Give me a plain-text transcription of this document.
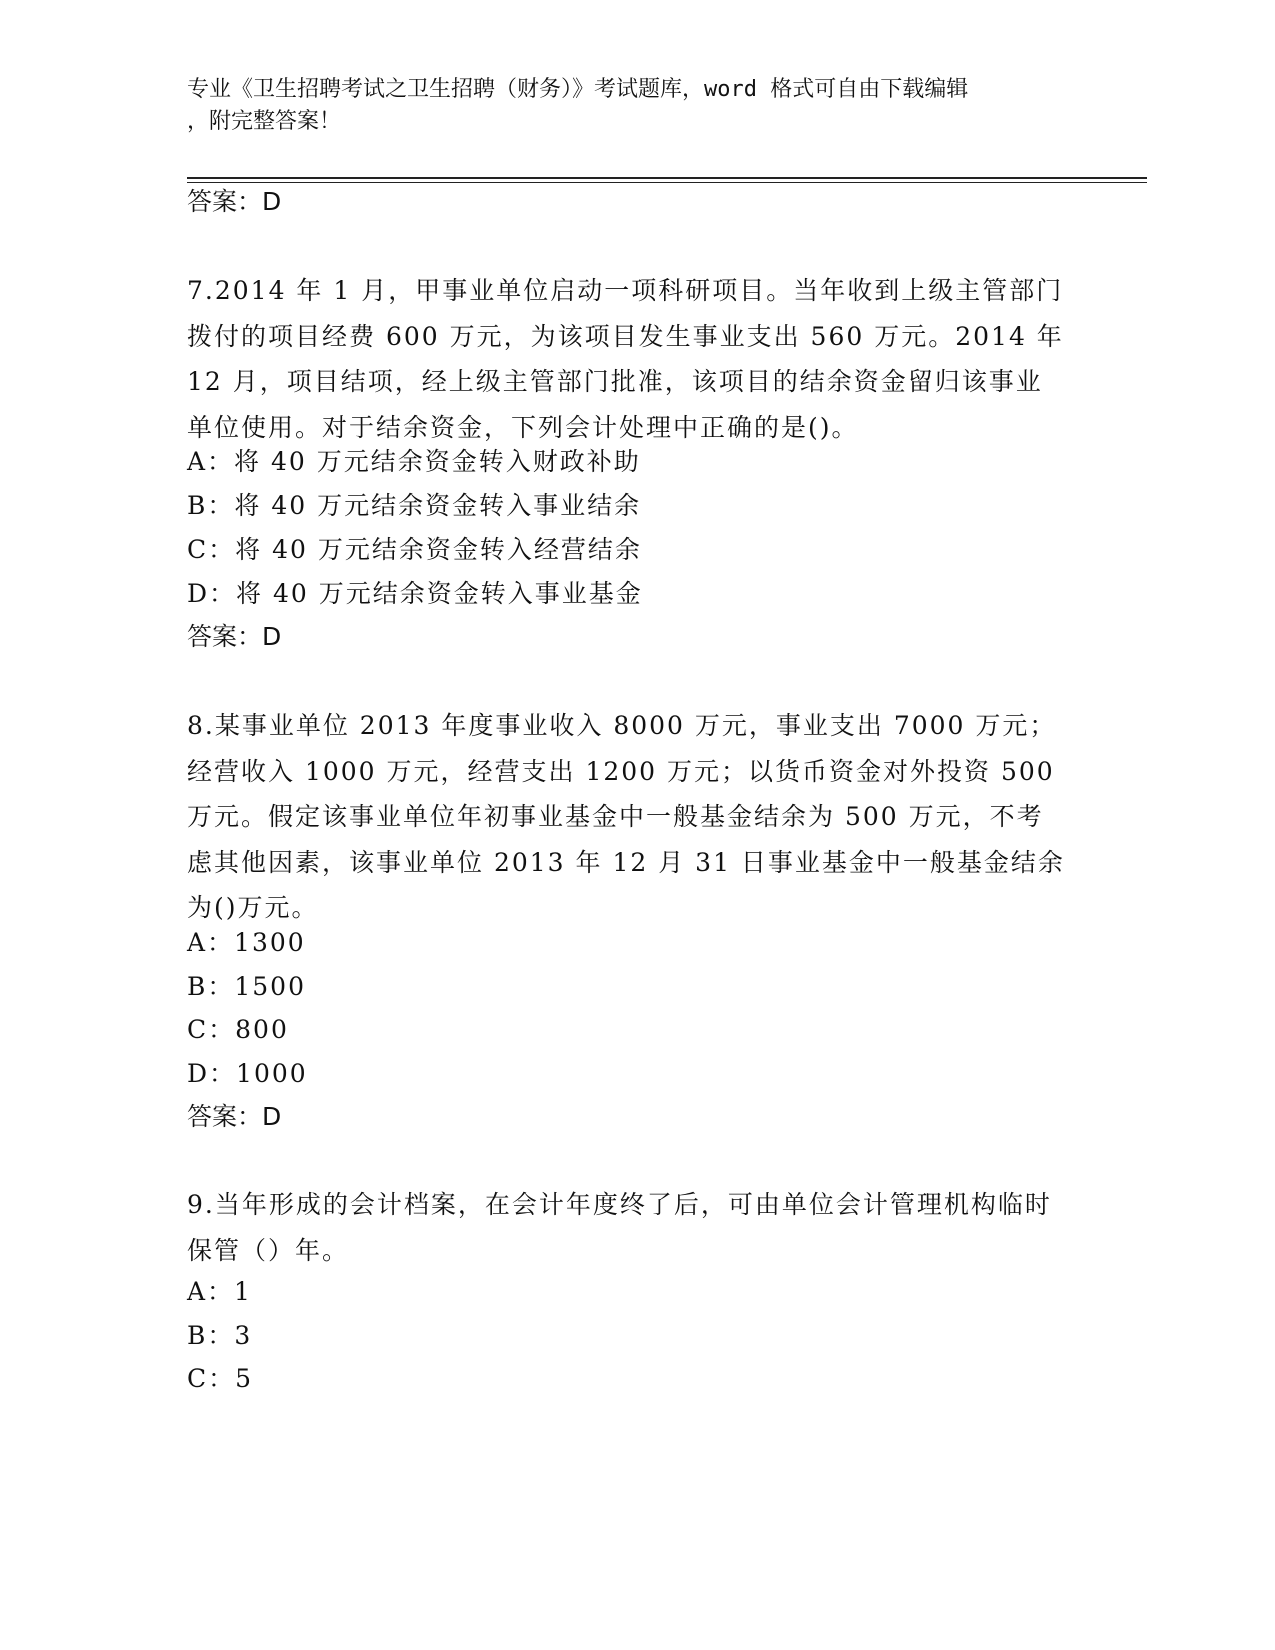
专业《卫生招聘考试之卫生招聘（财务）》考试题库，word 格式可自由下载编辑
，附完整答案！
答案：D
7.2014 年 1 月，甲事业单位启动一项科研项目。当年收到上级主管部门拨付的项目经费 600 万元，为该项目发生事业支出 560 万元。2014 年 12 月，项目结项，经上级主管部门批准，该项目的结余资金留归该事业单位使用。对于结余资金，下列会计处理中正确的是()。
A：将 40 万元结余资金转入财政补助
B：将 40 万元结余资金转入事业结余
C：将 40 万元结余资金转入经营结余
D：将 40 万元结余资金转入事业基金
答案：D
8.某事业单位 2013 年度事业收入 8000 万元，事业支出 7000 万元；经营收入 1000 万元，经营支出 1200 万元；以货币资金对外投资 500 万元。假定该事业单位年初事业基金中一般基金结余为 500 万元，不考虑其他因素，该事业单位 2013 年 12 月 31 日事业基金中一般基金结余为()万元。
A：1300
B：1500
C：800
D：1000
答案：D
9.当年形成的会计档案，在会计年度终了后，可由单位会计管理机构临时保管（）年。
A：1
B：3
C：5
